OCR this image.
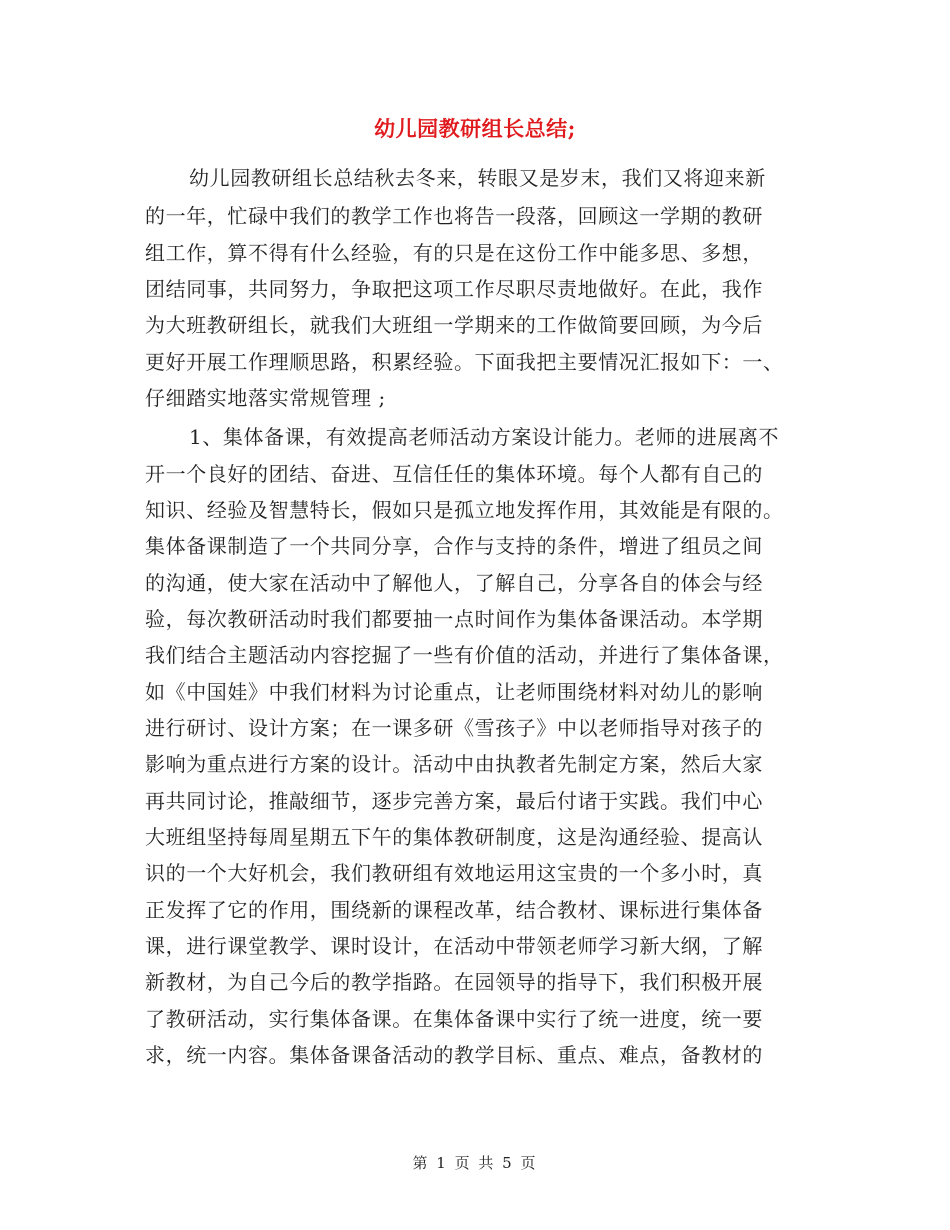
幼儿园教研组长总结;
幼儿园教研组长总结秋去冬来，转眼又是岁末，我们又将迎来新
的一年，忙碌中我们的教学工作也将告一段落，回顾这一学期的教研
组工作，算不得有什么经验，有的只是在这份工作中能多思、多想，
团结同事，共同努力，争取把这项工作尽职尽责地做好。在此，我作
为大班教研组长，就我们大班组一学期来的工作做简要回顾，为今后
更好开展工作理顺思路，积累经验。下面我把主要情况汇报如下：一、
仔细踏实地落实常规管理 ;
1、集体备课，有效提高老师活动方案设计能力。老师的进展离不
开一个良好的团结、奋进、互信任任的集体环境。每个人都有自己的
知识、经验及智慧特长，假如只是孤立地发挥作用，其效能是有限的。
集体备课制造了一个共同分享，合作与支持的条件，增进了组员之间
的沟通，使大家在活动中了解他人，了解自己，分享各自的体会与经
验，每次教研活动时我们都要抽一点时间作为集体备课活动。本学期
我们结合主题活动内容挖掘了一些有价值的活动，并进行了集体备课，
如《中国娃》中我们材料为讨论重点，让老师围绕材料对幼儿的影响
进行研讨、设计方案；在一课多研《雪孩子》中以老师指导对孩子的
影响为重点进行方案的设计。活动中由执教者先制定方案，然后大家
再共同讨论，推敲细节，逐步完善方案，最后付诸于实践。我们中心
大班组坚持每周星期五下午的集体教研制度，这是沟通经验、提高认
识的一个大好机会，我们教研组有效地运用这宝贵的一个多小时，真
正发挥了它的作用，围绕新的课程改革，结合教材、课标进行集体备
课，进行课堂教学、课时设计，在活动中带领老师学习新大纲，了解
新教材，为自己今后的教学指路。在园领导的指导下，我们积极开展
了教研活动，实行集体备课。在集体备课中实行了统一进度，统一要
求，统一内容。集体备课备活动的教学目标、重点、难点，备教材的
第 1 页 共 5 页
